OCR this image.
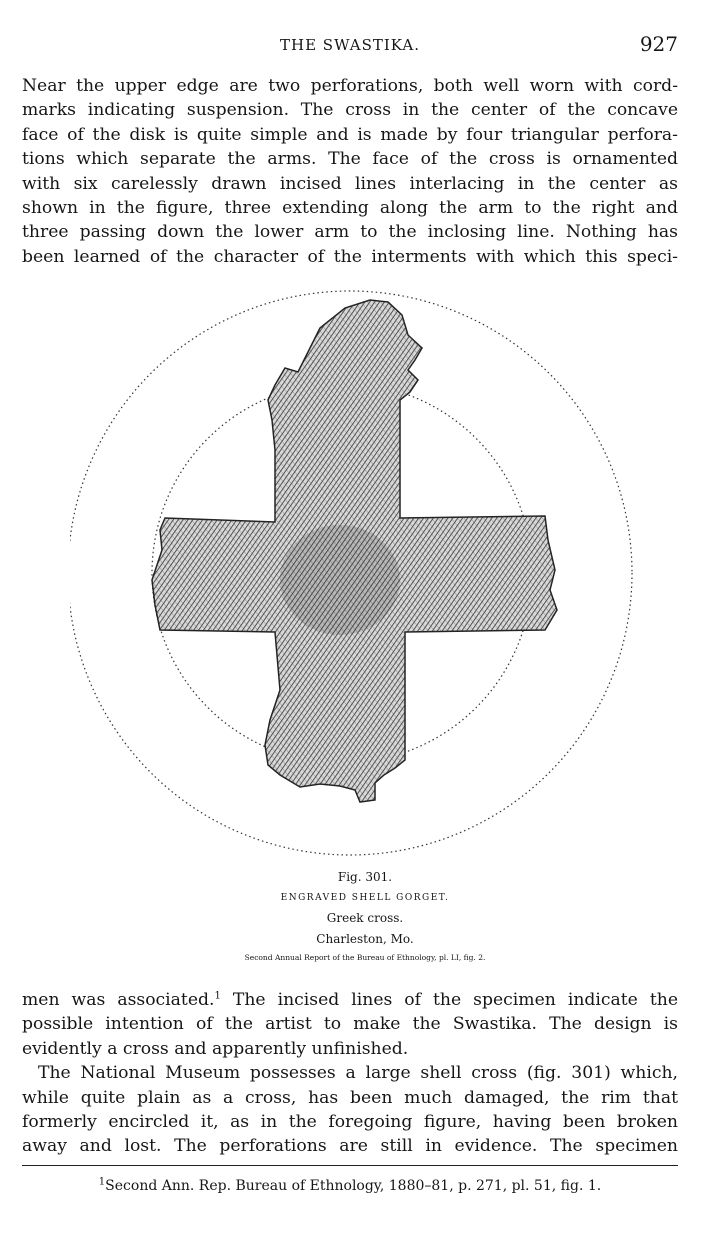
THE SWASTIKA.	927
Near the upper edge are two perforations, both well worn with cord-
marks indicating suspension. The cross in the center of the concave
face of the disk is quite simple and is made by four triangular perfora-
tions which separate the arms. The face of the cross is ornamented
with six carelessly drawn incised lines interlacing in the center as
shown in the figure, three extending along the arm to the right and
three passing down the lower arm to the inclosing line. Nothing has
been learned of the character of the interments with which this speci-
Fig. 301.
ENGRAVED SHELL GORGET.
Greek cross.
Charleston, Mo.
Second Annual Report of the Bureau of Ethnology, pl. LI, fig. 2.
men was associated.$^1$ The incised lines of the specimen indicate the
possible intention of the artist to make the Swastika. The design is
evidently a cross and apparently unfinished.
The National Museum possesses a large shell cross (fig. 301) which,
while quite plain as a cross, has been much damaged, the rim that
formerly encircled it, as in the foregoing figure, having been broken
away and lost. The perforations are still in evidence. The specimen
$^1$Second Ann. Rep. Bureau of Ethnology, 1880–81, p. 271, pl. 51, fig. 1.
